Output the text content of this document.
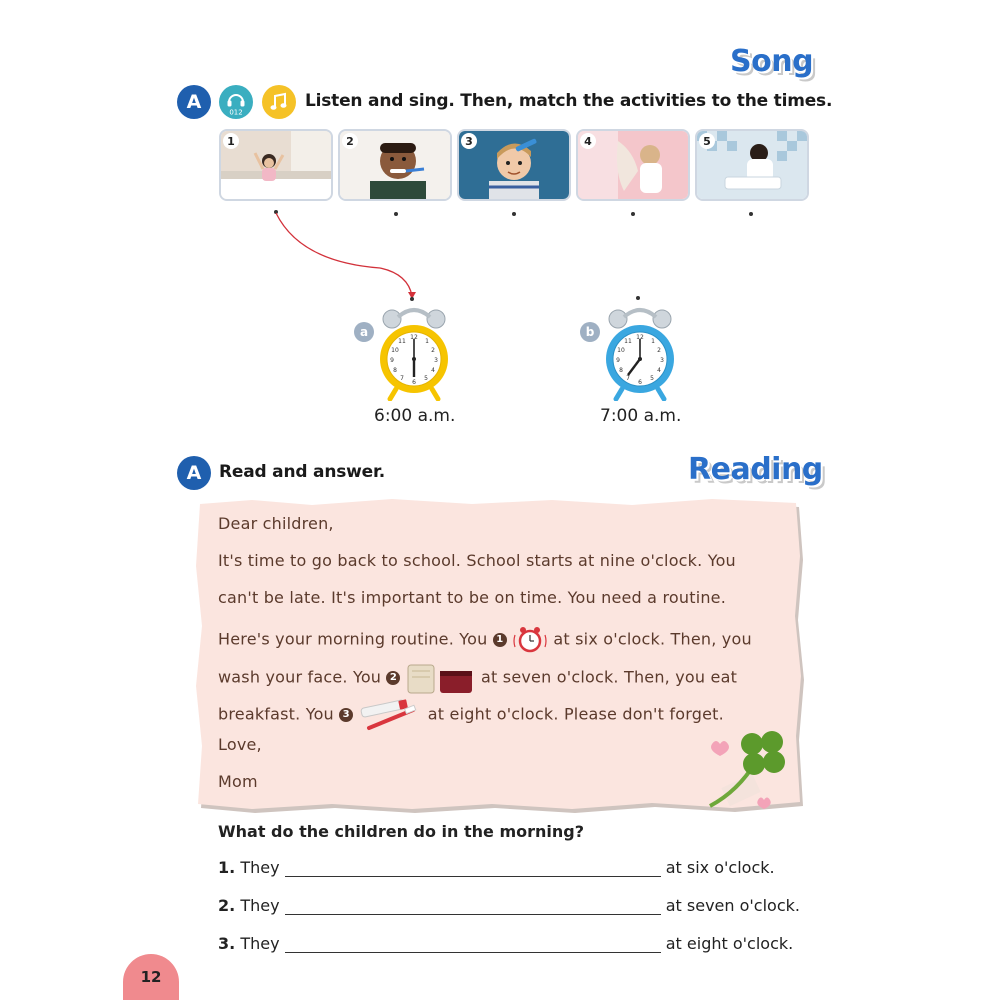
Song
A	012
Listen and sing. Then, match the activities to the times.
1	2	3	4	5
a	12
1
2
3
4
5
6
7
8
9
10
11
6:00 a.m.
b	12
1
2
3
4
5
6
7
8
9
10
11
7:00 a.m.
A	Read and answer.	Reading
Dear children,
It's time to go back to school. School starts at nine o'clock. You
can't be late. It's important to be on time. You need a routine.
Here's your morning routine. You 1	at six o'clock. Then, you
wash your face. You 2	at seven o'clock. Then, you eat
breakfast. You 3	at eight o'clock. Please don't forget.
Love,
Mom
What do the children do in the morning?
1. They	at six o'clock.
2. They	at seven o'clock.
3. They	at eight o'clock.
12
